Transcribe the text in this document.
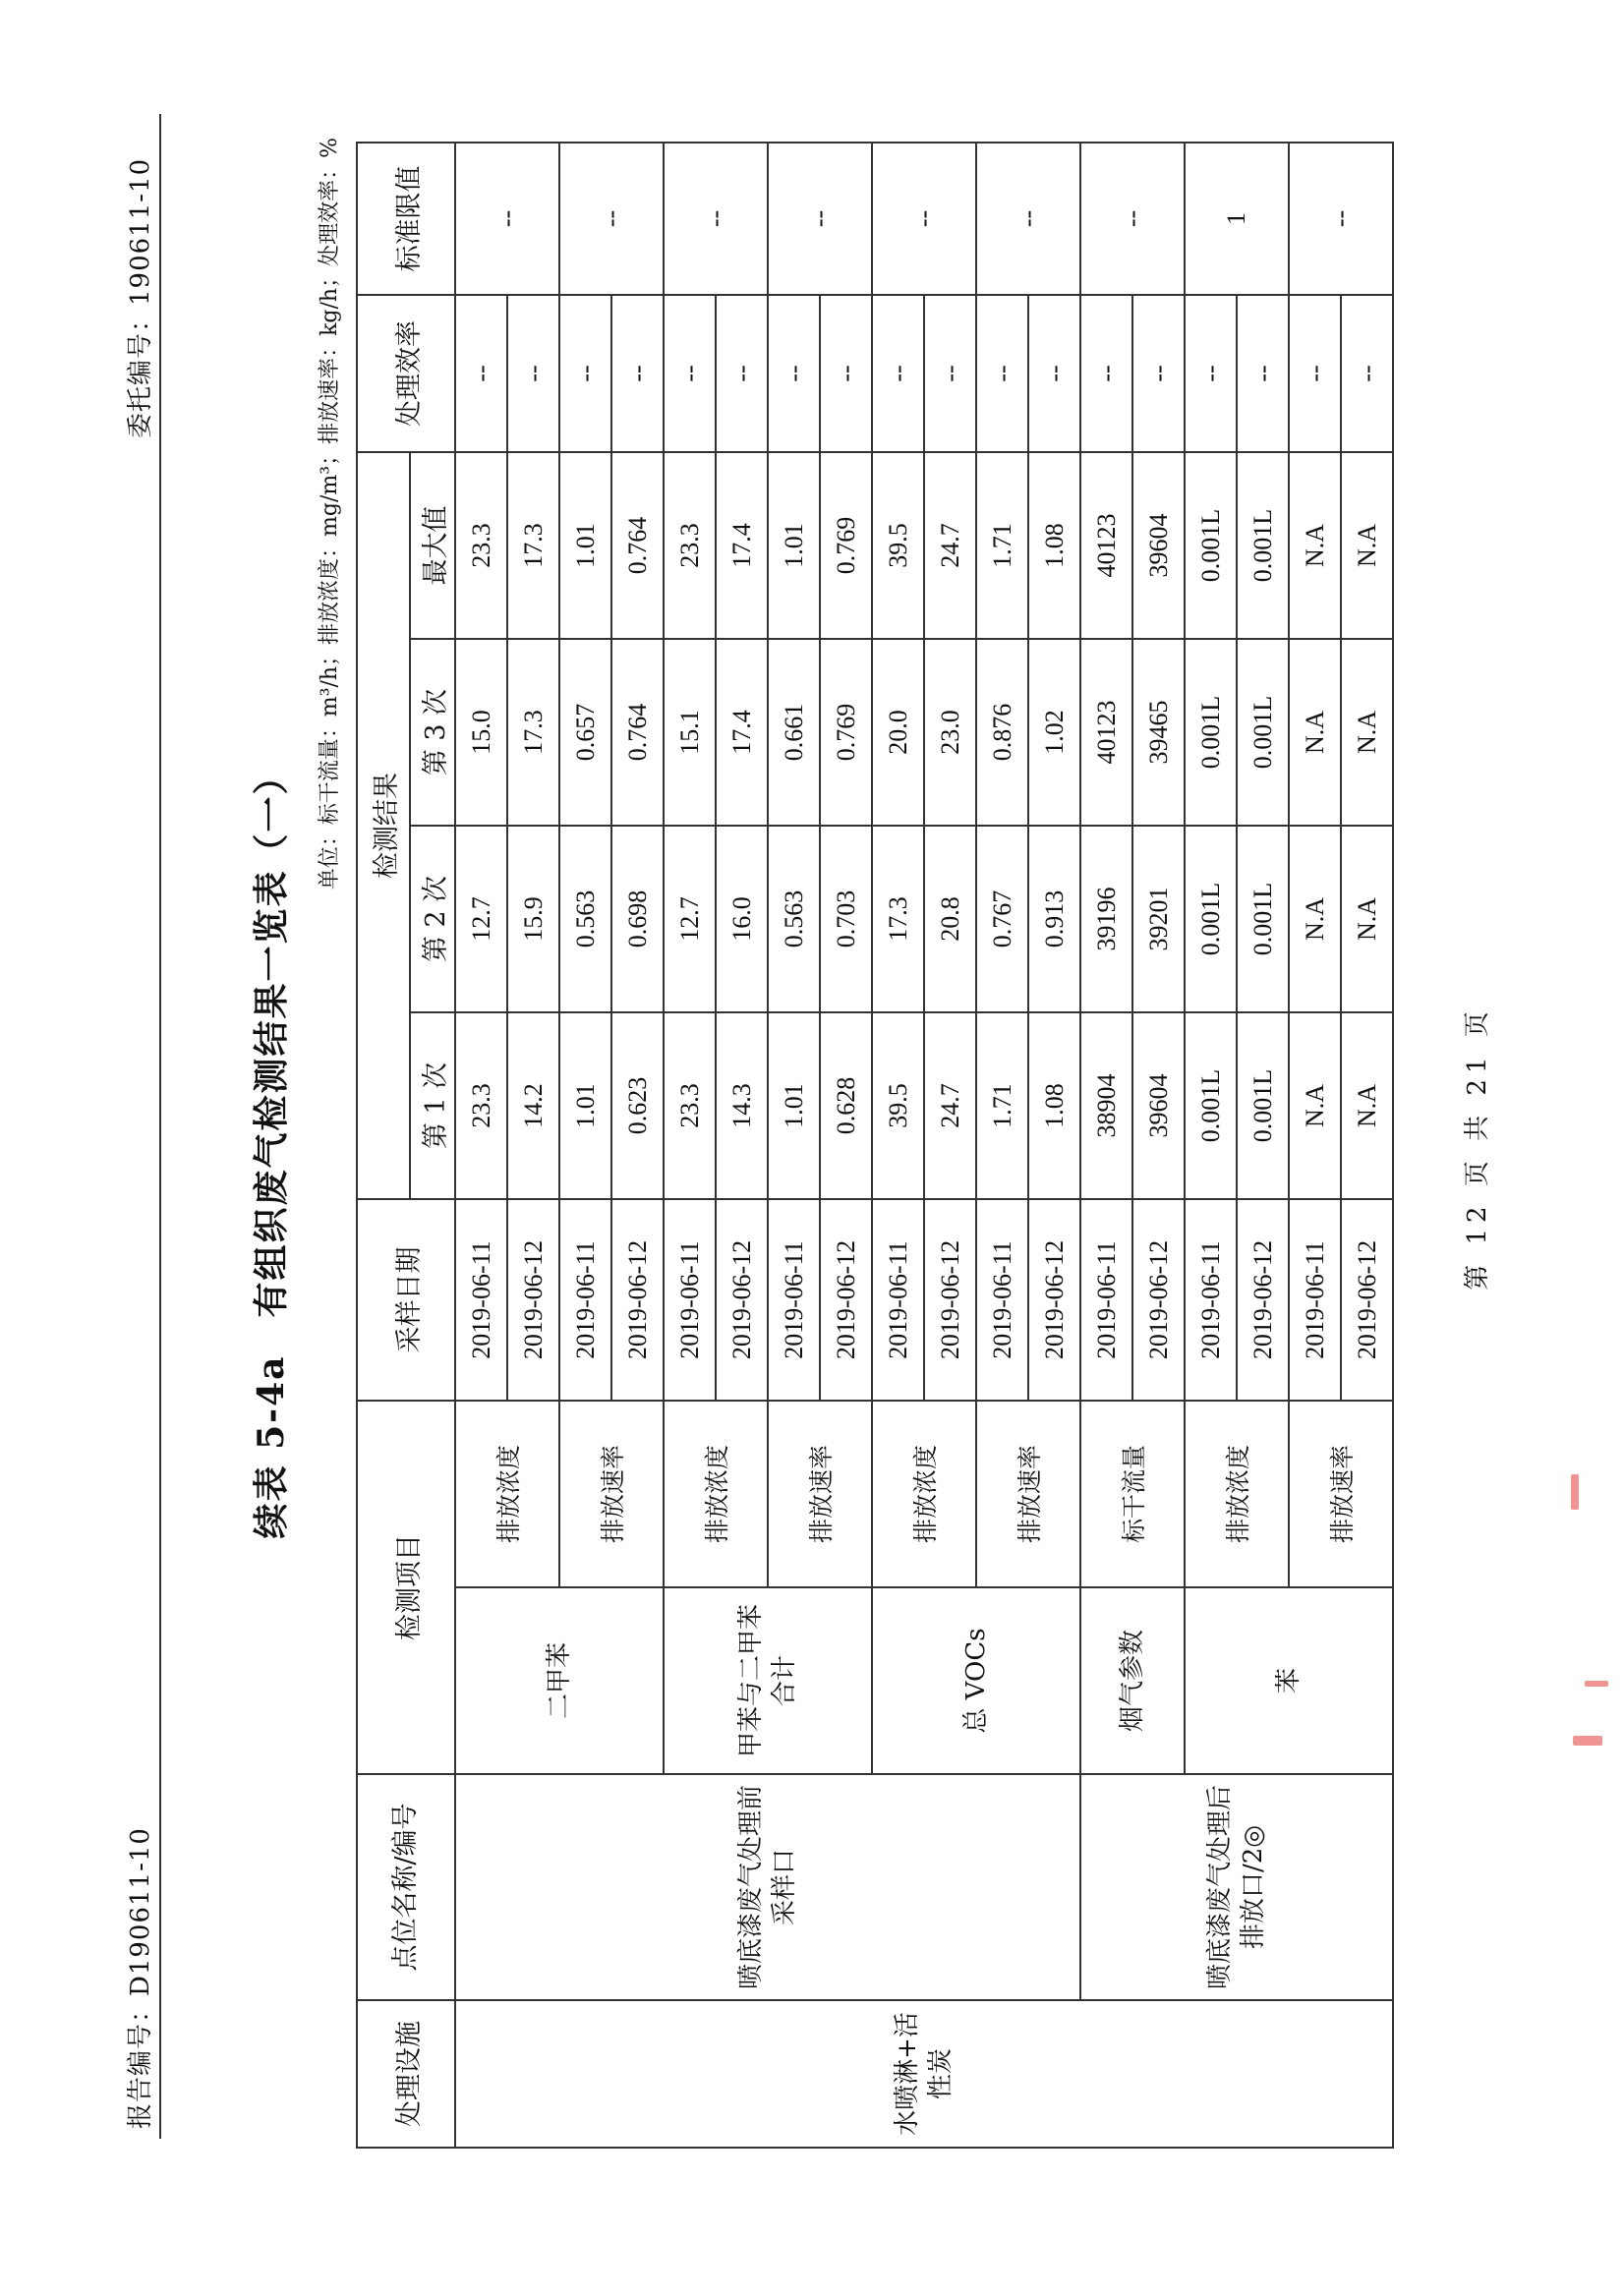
报告编号：D190611-10
委托编号：190611-10
续表 5-4a　有组织废气检测结果一览表（一）
单位：标干流量：m³/h；排放浓度：mg/m³；排放速率：kg/h；处理效率：%
处理设施	点位名称/编号	检测项目		采样日期	检测结果				处理效率	标准限值
					第 1 次	第 2 次	第 3 次	最大值		
水喷淋+活性炭	喷底漆废气处理前采样口	二甲苯	排放浓度	2019-06-11	23.3	12.7	15.0	23.3	--	--
				2019-06-12	14.2	15.9	17.3	17.3	--	
			排放速率	2019-06-11	1.01	0.563	0.657	1.01	--	--
				2019-06-12	0.623	0.698	0.764	0.764	--	
		甲苯与二甲苯合计	排放浓度	2019-06-11	23.3	12.7	15.1	23.3	--	--
				2019-06-12	14.3	16.0	17.4	17.4	--	
			排放速率	2019-06-11	1.01	0.563	0.661	1.01	--	--
				2019-06-12	0.628	0.703	0.769	0.769	--	
		总 VOCs	排放浓度	2019-06-11	39.5	17.3	20.0	39.5	--	--
				2019-06-12	24.7	20.8	23.0	24.7	--	
			排放速率	2019-06-11	1.71	0.767	0.876	1.71	--	--
				2019-06-12	1.08	0.913	1.02	1.08	--	
	喷底漆废气处理后排放口/2◎	烟气参数	标干流量	2019-06-11	38904	39196	40123	40123	--	--
				2019-06-12	39604	39201	39465	39604	--	
		苯	排放浓度	2019-06-11	0.001L	0.001L	0.001L	0.001L	--	1
				2019-06-12	0.001L	0.001L	0.001L	0.001L	--	
			排放速率	2019-06-11	N.A	N.A	N.A	N.A	--	--
				2019-06-12	N.A	N.A	N.A	N.A	--	
第 12 页 共 21 页
